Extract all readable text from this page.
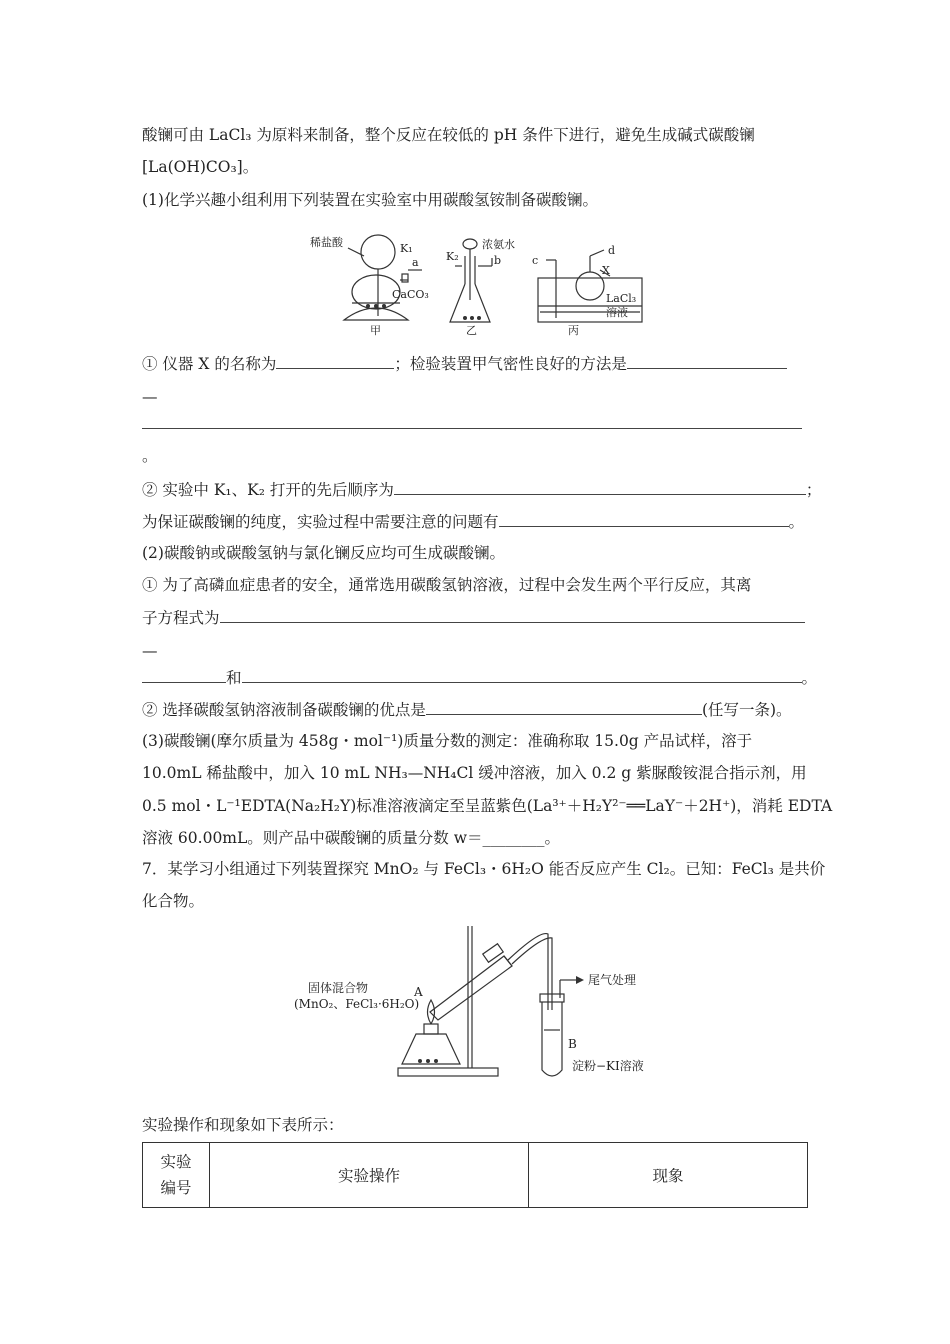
酸镧可由 LaCl₃ 为原料来制备，整个反应在较低的 pH 条件下进行，避免生成碱式碳酸镧
[La(OH)CO₃]。
(1)化学兴趣小组利用下列装置在实验室中用碳酸氢铵制备碳酸镧。
稀盐酸	K₁
a
CaCO₃
甲
浓氨水
K₂	b
乙
c
d
X
LaCl₃
溶液
丙
① 仪器 X 的名称为	；检验装置甲气密性良好的方法是
—
。
② 实验中 K₁、K₂ 打开的先后顺序为	；
为保证碳酸镧的纯度，实验过程中需要注意的问题有	。
(2)碳酸钠或碳酸氢钠与氯化镧反应均可生成碳酸镧。
① 为了高磷血症患者的安全，通常选用碳酸氢钠溶液，过程中会发生两个平行反应，其离
子方程式为
—
和	。
② 选择碳酸氢钠溶液制备碳酸镧的优点是	(任写一条)。
(3)碳酸镧(摩尔质量为 458g・mol⁻¹)质量分数的测定：准确称取 15.0g 产品试样，溶于
10.0mL 稀盐酸中，加入 10 mL NH₃—NH₄Cl 缓冲溶液，加入 0.2 g 紫脲酸铵混合指示剂，用
0.5 mol・L⁻¹EDTA(Na₂H₂Y)标准溶液滴定至呈蓝紫色(La³⁺＋H₂Y²⁻══LaY⁻＋2H⁺)，消耗 EDTA
溶液 60.00mL。则产品中碳酸镧的质量分数 w＝________。
7．某学习小组通过下列装置探究 MnO₂ 与 FeCl₃・6H₂O 能否反应产生 Cl₂。已知：FeCl₃ 是共价
化合物。
固体混合物
(MnO₂、FeCl₃·6H₂O)
A
尾气处理
B
淀粉−KI溶液
实验操作和现象如下表所示：
实验
编号
	实验操作	现象
